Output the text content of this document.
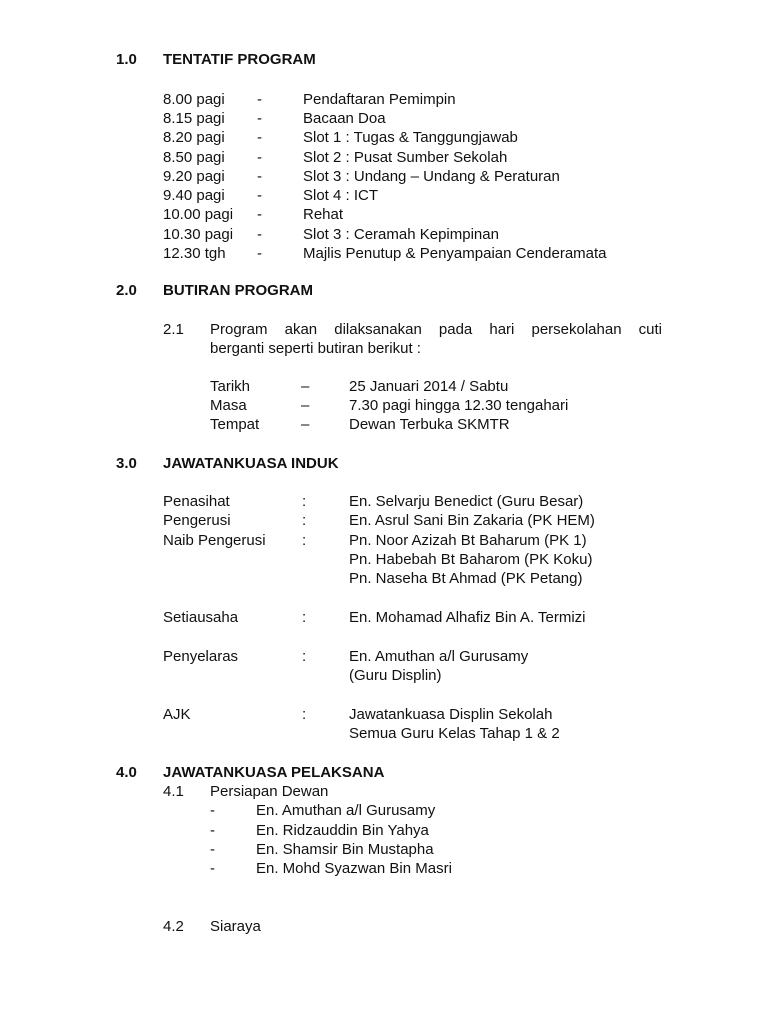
1.0 TENTATIF PROGRAM
8.00 pagi -	Pendaftaran Pemimpin
8.15 pagi -	Bacaan Doa
8.20 pagi -	Slot 1 : Tugas & Tanggungjawab
8.50 pagi -	Slot 2 : Pusat Sumber Sekolah
9.20 pagi -	Slot 3 : Undang – Undang & Peraturan
9.40 pagi -	Slot 4 : ICT
10.00 pagi -	Rehat
10.30 pagi -	Slot 3 : Ceramah Kepimpinan
12.30 tgh -	Majlis Penutup & Penyampaian Cenderamata
2.0 BUTIRAN PROGRAM
2.1 Program akan dilaksanakan pada hari persekolahan cuti
berganti seperti butiran berikut :
Tarikh	–	25 Januari 2014 / Sabtu
Masa	–	7.30 pagi hingga 12.30 tengahari
Tempat	–	Dewan Terbuka SKMTR
3.0 JAWATANKUASA INDUK
Penasihat	:	En. Selvarju Benedict (Guru Besar)
Pengerusi	:	En. Asrul Sani Bin Zakaria (PK HEM)
Naib Pengerusi :	Pn. Noor Azizah Bt Baharum (PK 1)
Pn. Habebah Bt Baharom (PK Koku)
Pn. Naseha Bt Ahmad (PK Petang)
Setiausaha	:	En. Mohamad Alhafiz Bin A. Termizi
Penyelaras	:	En. Amuthan a/l Gurusamy
(Guru Displin)
AJK	:	Jawatankuasa Displin Sekolah
Semua Guru Kelas Tahap 1 & 2
4.0 JAWATANKUASA PELAKSANA
4.1 Persiapan Dewan
-	En. Amuthan a/l Gurusamy
-	En. Ridzauddin Bin Yahya
-	En. Shamsir Bin Mustapha
-	En. Mohd Syazwan Bin Masri
4.2 Siaraya
